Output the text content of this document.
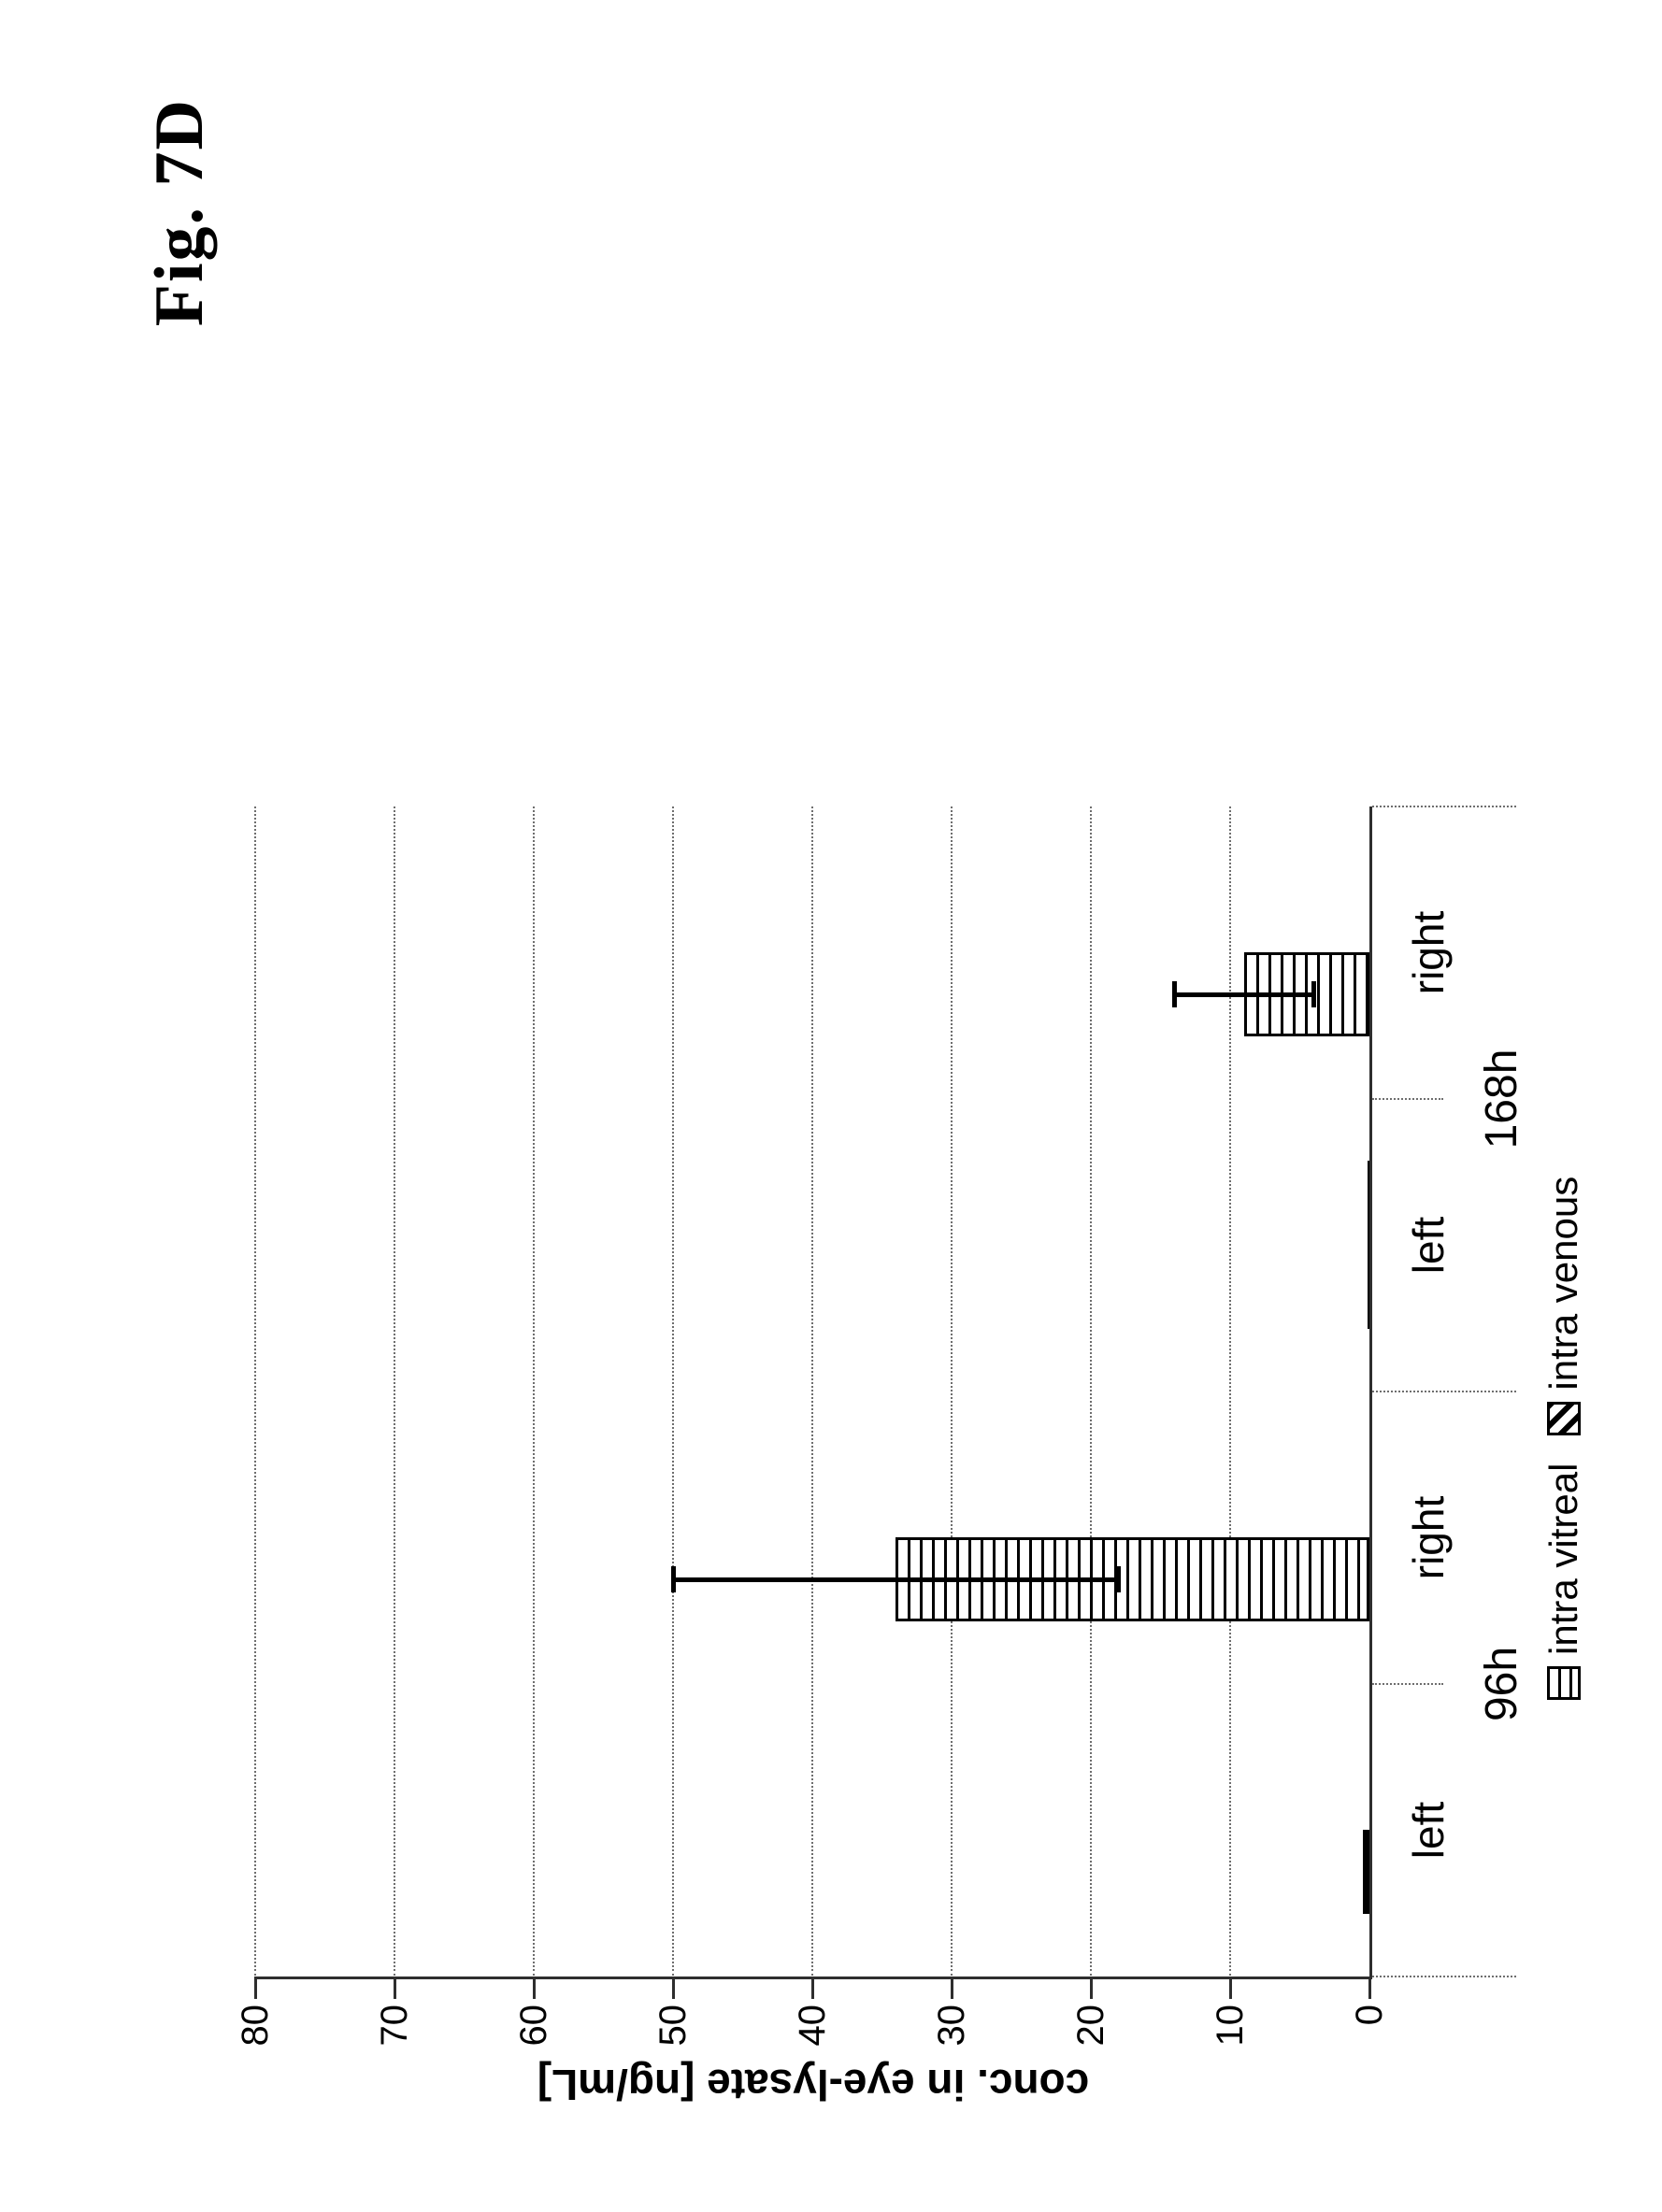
Fig. 7D
conc. in eye-lysate [ng/mL]
intra vitreal
intra venous
80	70	60	50	40	30	20	10	0
left
right
left
right
96h
168h
